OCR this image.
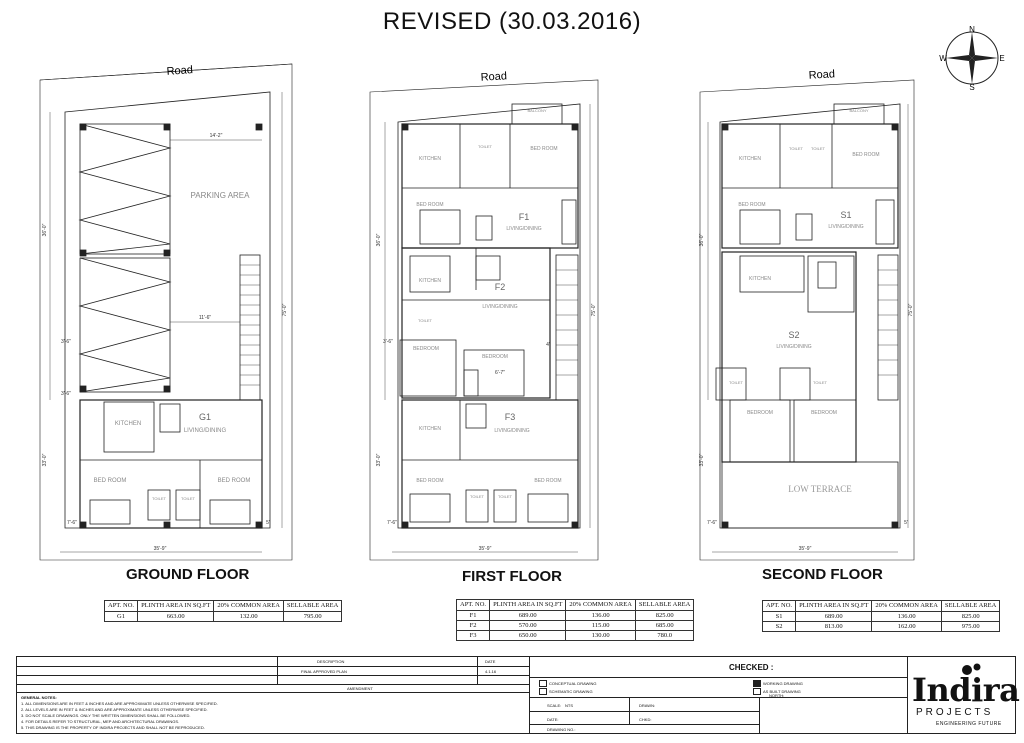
REVISED (30.03.2016)	N
S
E
W
Road	Road	Road
PARKING AREA
G1
KITCHEN
LIVING/DINING
BED ROOM	BED ROOM
TOILET	TOILET
14'-2"
11'-6"
36'-0"
75'-0"
35'-9"
33'-0"
3'-6"
3'-6"
7'-6"	5'
KITCHEN
TOILET	BED ROOM
BED ROOM
F1
LIVING/DINING
F2
KITCHEN
LIVING/DINING
TOILET
BEDROOM
BEDROOM
F3
KITCHEN	LIVING/DINING
BED ROOM
TOILET	TOILET
BED ROOM
BALCONY
36'-0"
75'-0"
35'-9"
33'-0"
3'-6"
7'-6"
6'-7"
4'
KITCHEN
TOILET TOILET
BED ROOM
BED ROOM
S1
LIVING/DINING
KITCHEN
S2
LIVING/DINING
TOILET	TOILET
BEDROOM	BEDROOM
LOW TERRACE
BALCONY
36'-0"
75'-0"
35'-9"
33'-0"
7'-6"	5'
GROUND FLOOR	FIRST FLOOR	SECOND FLOOR
APT. NO.	PLINTH AREA IN SQ.FT	20% COMMON AREA	SELLABLE AREA
G1	663.00	132.00	795.00
APT. NO.	PLINTH AREA IN SQ.FT	20% COMMON AREA	SELLABLE AREA
F1	689.00	136.00	825.00
F2	570.00	115.00	685.00
F3	650.00	130.00	780.0
APT. NO.	PLINTH AREA IN SQ.FT	20% COMMON AREA	SELLABLE AREA
S1	689.00	136.00	825.00
S2	813.00	162.00	975.00
DESCRIPTION	DATE
FINAL APPROVED PLAN	4.1.16
AMENDMENT
GENERAL NOTES:
1. ALL DIMENSIONS ARE IN FEET & INCHES AND ARE APPROXIMATE UNLESS OTHERWISE SPECIFIED.
2. ALL LEVELS ARE IN FEET & INCHES AND ARE APPROXIMATE UNLESS OTHERWISE SPECIFIED.
3. DO NOT SCALE DRAWINGS. ONLY THE WRITTEN DIMENSIONS SHALL BE FOLLOWED.
4. FOR DETAILS REFER TO STRUCTURAL, MEP AND ARCHITECTURAL DRAWINGS.
5. THIS DRAWING IS THE PROPERTY OF INDIRA PROJECTS AND SHALL NOT BE REPRODUCED.
CHECKED :
CONCEPTUAL DRAWING
SCHEMATIC DRAWING
WORKING DRAWING
AS BUILT DRAWING
SCALE: NTS	DRAWN:
NORTH:
DATE:	CHKD:
DRAWING NO.:
Indira
PROJECTS
ENGINEERING FUTURE
